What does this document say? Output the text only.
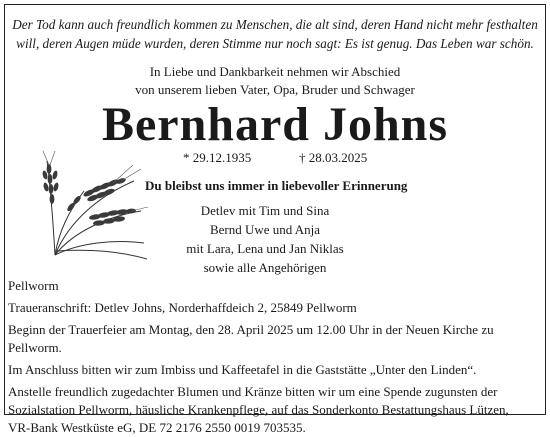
Der Tod kann auch freundlich kommen zu Menschen, die alt sind, deren Hand nicht mehr festhalten
will, deren Augen müde wurden, deren Stimme nur noch sagt: Es ist genug. Das Leben war schön.
In Liebe und Dankbarkeit nehmen wir Abschied
von unserem lieben Vater, Opa, Bruder und Schwager
Bernhard Johns
* 29.12.1935	† 28.03.2025
Du bleibst uns immer in liebevoller Erinnerung
Detlev mit Tim und Sina
Bernd Uwe und Anja
mit Lara, Lena und Jan Niklas
sowie alle Angehörigen

Pellworm

Traueranschrift: Detlev Johns, Norderhaffdeich 2, 25849 Pellworm

Beginn der Trauerfeier am Montag, den 28. April 2025 um 12.00 Uhr in der Neuen Kirche zu Pellworm.

Im Anschluss bitten wir zum Imbiss und Kaffeetafel in die Gaststätte „Unter den Linden“.

Anstelle freundlich zugedachter Blumen und Kränze bitten wir um eine Spende zugunsten der

Sozialstation Pellworm, häusliche Krankenpflege, auf das Sonderkonto Bestattungshaus Lützen,

VR-Bank Westküste eG, DE 72 2176 2550 0019 703535.
